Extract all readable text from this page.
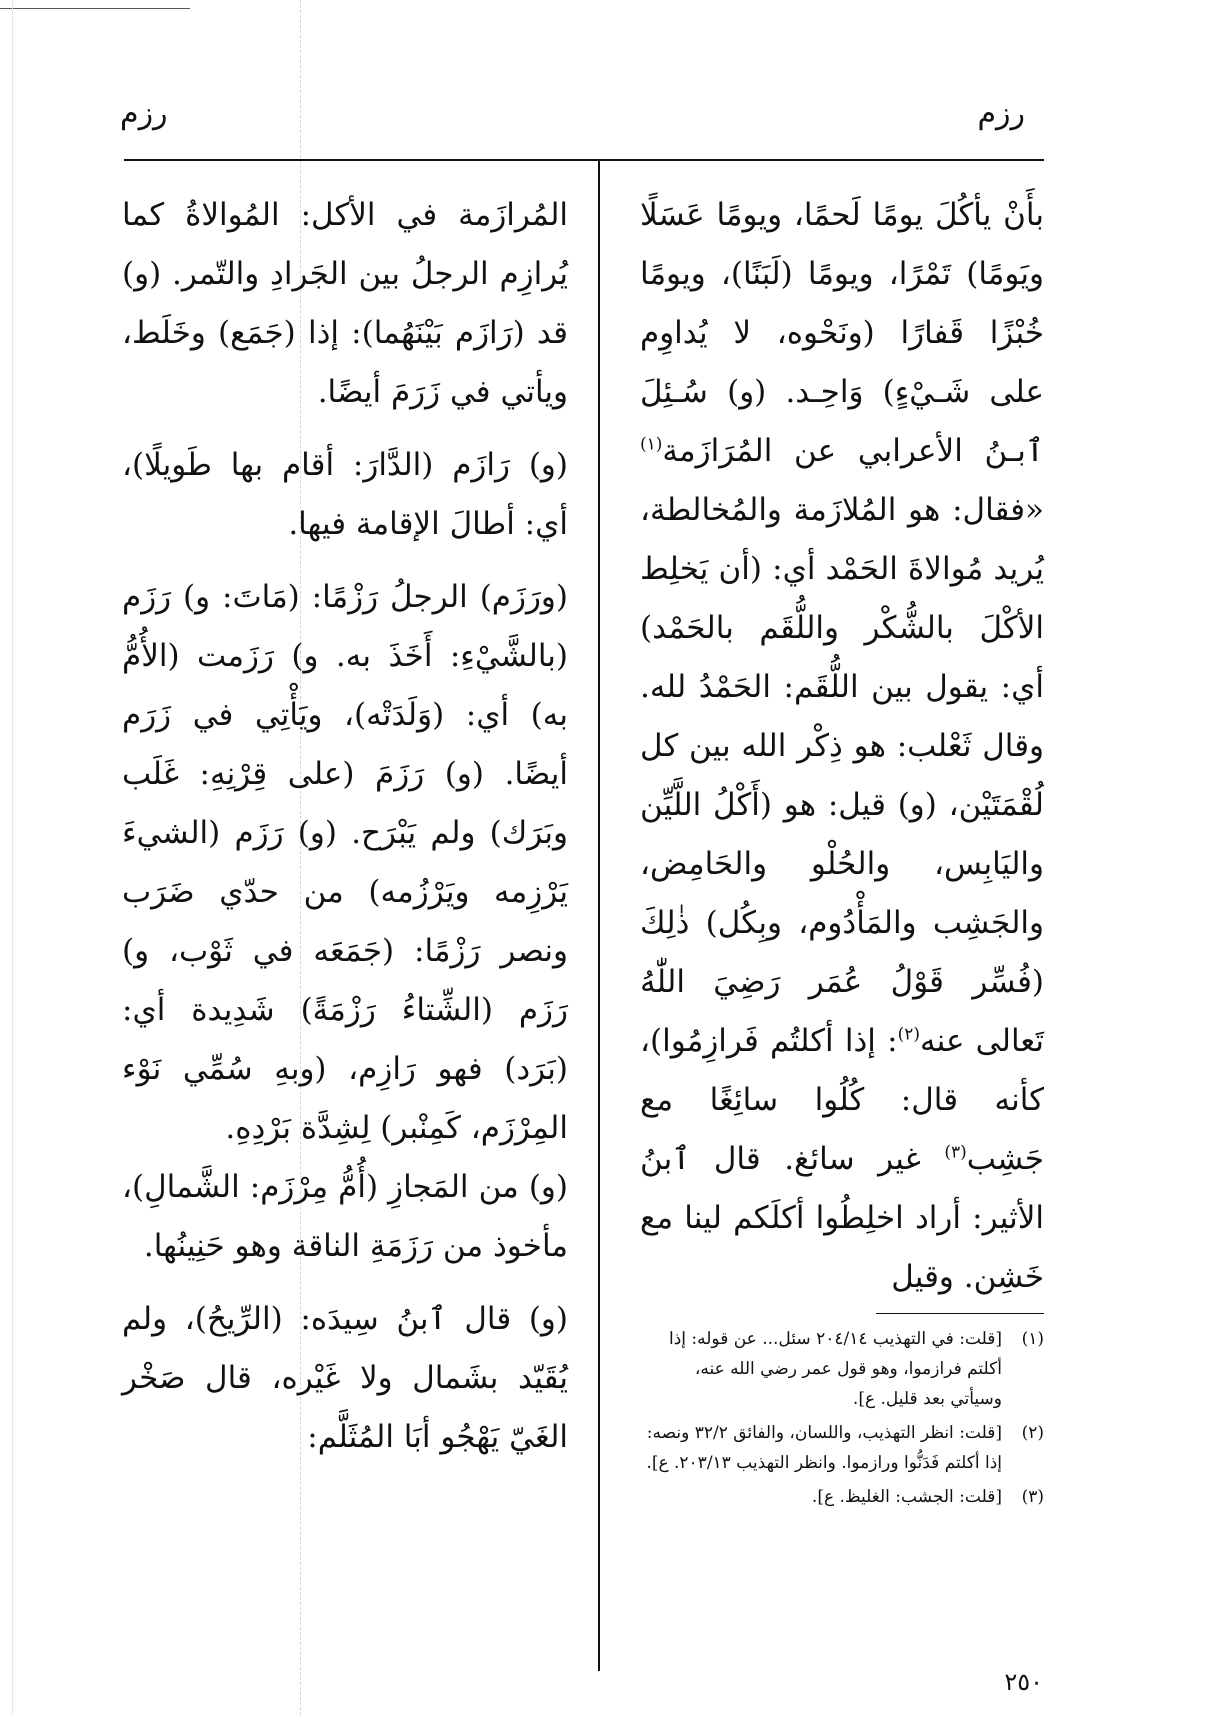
رزم	رزم

بأَنْ يأكُلَ يومًا لَحمًا، ويومًا عَسَلًا ويَومًا) تَمْرًا، ويومًا (لَبَنًا)، ويومًا خُبْزًا قَفارًا (ونَحْوه، لا يُداوِم على شَـيْءٍ) وَاحِـد. (و) سُـئِلَ ٱبـنُ الأعرابي عن المُرَازَمة$^{(١)}$ «فقال: هو المُلازَمة والمُخالطة، يُريد مُوالاةَ الحَمْد أي: (أن يَخلِط الأكْلَ بالشُّكْر واللُّقَم بالحَمْد) أي: يقول بين اللُّقَم: الحَمْدُ لله. وقال ثَعْلب: هو ذِكْر الله بين كل لُقْمَتَيْن، (و) قيل: هو (أَكْلُ اللَّيِّن واليَابِس، والحُلْو والحَامِض، والجَشِب والمَأْدُوم، وبِكُل) ذٰلِكَ (فُسِّر قَوْلُ عُمَر رَضِيَ اللّٰهُ تَعالى عنه$^{(٢)}$: إذا أكلتُم فَرازِمُوا)، كأنه قال: كُلُوا سائِغًا مع جَشِب$^{(٣)}$ غير سائغ. قال ٱبنُ الأثير: أراد اخلِطُوا أكلَكم لينا مع خَشِن. وقيل

المُرازَمة في الأكل: المُوالاةُ كما يُرازِم الرجلُ بين الجَرادِ والتّمر. (و) قد (رَازَم بَيْنَهُما): إذا (جَمَع) وخَلَط، ويأتي في زَرَمَ أيضًا.

(و) رَازَم (الدَّارَ: أقام بها طَويلًا)، أي: أطالَ الإقامة فيها.

(ورَزَم) الرجلُ رَزْمًا: (مَاتَ: و) رَزَم (بالشَّيْءِ: أَخَذَ به. و) رَزَمت (الأُمُّ به) أي: (وَلَدَتْه)، ويَأْتِي في زَرَم أيضًا. (و) رَزَمَ (على قِرْنِهِ: غَلَب وبَرَك) ولم يَبْرَح. (و) رَزَم (الشيءَ يَرْزِمه ويَرْزُمه) من حدّي ضَرَب ونصر رَزْمًا: (جَمَعَه في ثَوْب، و) رَزَم (الشِّتاءُ رَزْمَةً) شَدِيدة أي: (بَرَد) فهو رَازِم، (وبهِ سُمِّي نَوْء المِرْزَم، كَمِنْبر) لِشِدَّة بَرْدِهِ.

(و) من المَجازِ (أُمُّ مِرْزَم: الشَّمالِ)، مأخوذ من رَزَمَةِ الناقة وهو حَنِينُها.

(و) قال ٱبنُ سِيدَه: (الرِّيحُ)، ولم يُقَيّد بشَمال ولا غَيْره، قال صَخْر الغَيّ يَهْجُو أبَا المُثَلَّم:

(١)
[قلت: في التهذيب ٢٠٤/١٤ سئل... عن قوله: إذا أكلتم فرازموا، وهو قول عمر رضي الله عنه، وسيأتي بعد قليل. ع].
(٢)
[قلت: انظر التهذيب، واللسان، والفائق ٣٢/٢ ونصه: إذا أكلتم فَدَنُّوا ورازموا. وانظر التهذيب ٢٠٣/١٣. ع].
(٣)
[قلت: الجشب: الغليظ. ع].
٢٥٠
